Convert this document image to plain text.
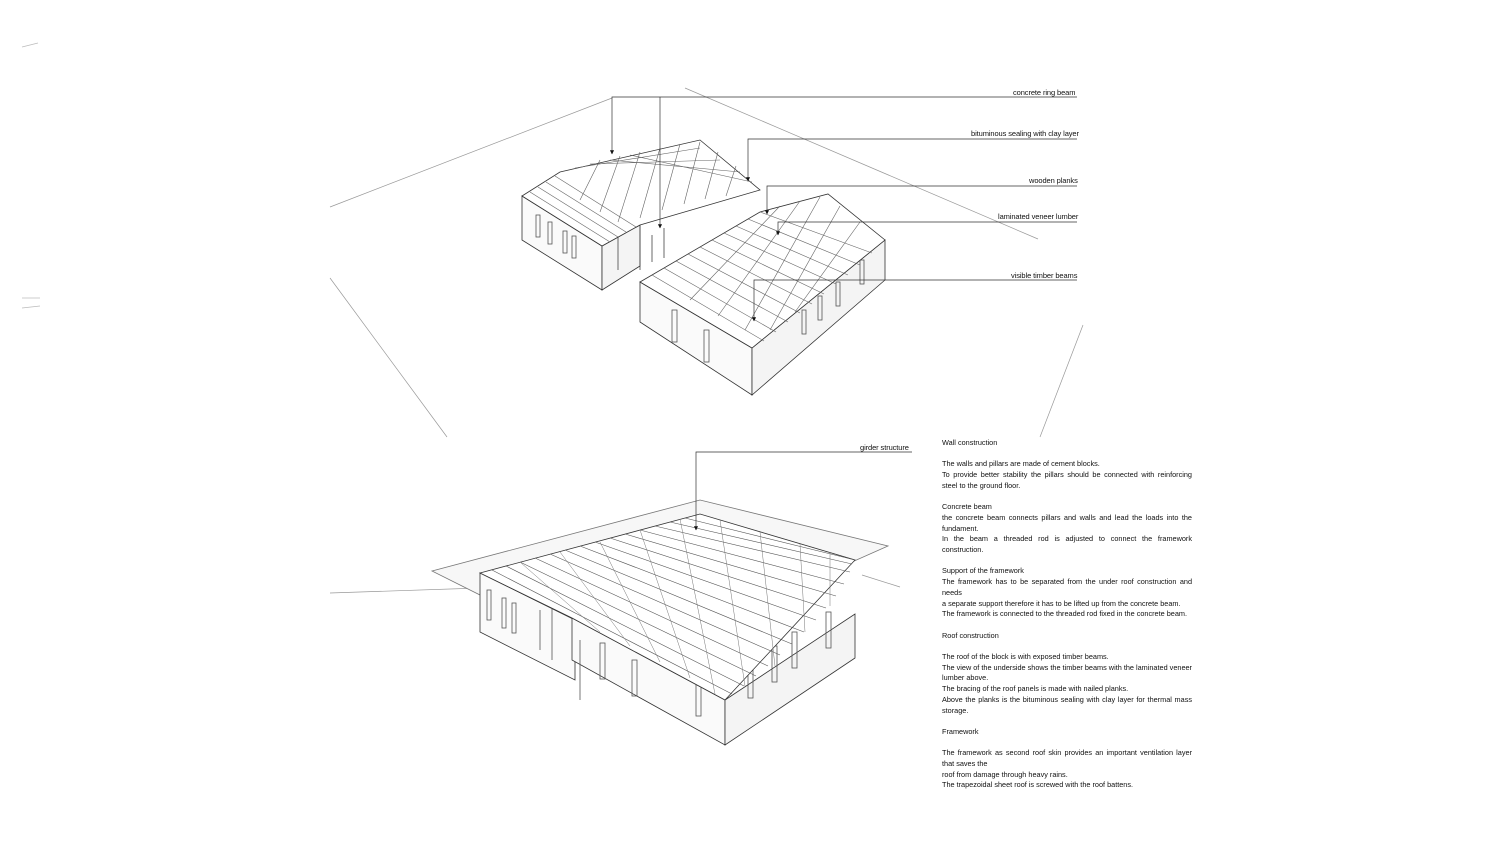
concrete ring beam
bituminous sealing with clay layer
wooden planks
laminated veneer lumber
visible timber beams
girder structure
Wall construction
The walls and pillars are made of cement blocks.
To provide better stability the pillars should be connected with reinforcing steel to the ground floor.
Concrete beam
the concrete beam connects pillars and walls and lead the loads into the fundament.
In the beam a threaded rod is adjusted to connect the framework construction.
Support of the framework
The framework has to be separated from the under roof construction and needs
a separate support therefore it has to be lifted up from the concrete beam.
The framework is connected to the threaded rod fixed in the concrete beam.
Roof construction
The roof of the block is with exposed timber beams.
The view of the underside shows the timber beams with the laminated veneer lumber above.
The bracing of the roof panels is made with nailed planks.
Above the planks is the bituminous sealing with clay layer for thermal mass storage.
Framework
The framework as second roof skin provides an important ventilation layer that saves the
roof from damage through heavy rains.
The trapezoidal sheet roof is screwed with the roof battens.
